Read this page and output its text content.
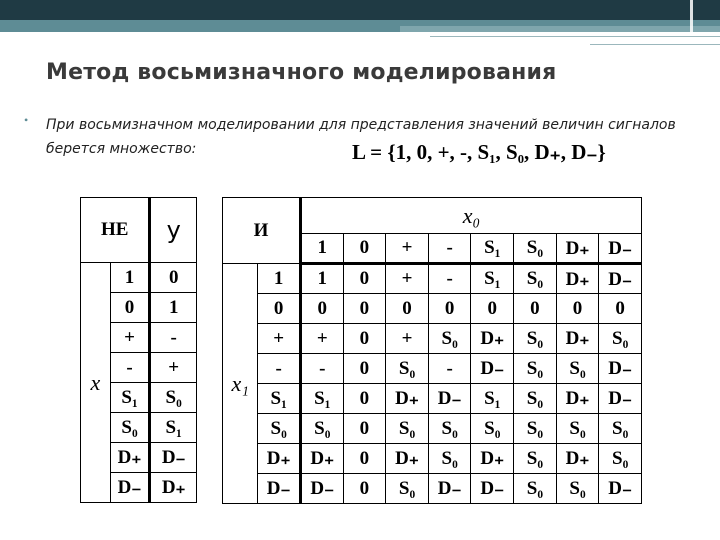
Метод восьмизначного моделирования
• При восьмизначном моделировании для представления значений величин сигналов берется множество:	L = {1, 0, +, -, S₁, S₀, D₊, D₋}
НЕ		у
x	1	0
	0	1
	+	-
	-	+
	S₁	S₀
	S₀	S₁
	D₊	D₋
	D₋	D₊
И		x₀							
		1	0	+	-	S₁	S₀	D₊	D₋
x₁	1	1	0	+	-	S₁	S₀	D₊	D₋
	0	0	0	0	0	0	0	0	0
	+	+	0	+	S₀	D₊	S₀	D₊	S₀
	-	-	0	S₀	-	D₋	S₀	S₀	D₋
	S₁	S₁	0	D₊	D₋	S₁	S₀	D₊	D₋
	S₀	S₀	0	S₀	S₀	S₀	S₀	S₀	S₀
	D₊	D₊	0	D₊	S₀	D₊	S₀	D₊	S₀
	D₋	D₋	0	S₀	D₋	D₋	S₀	S₀	D₋
